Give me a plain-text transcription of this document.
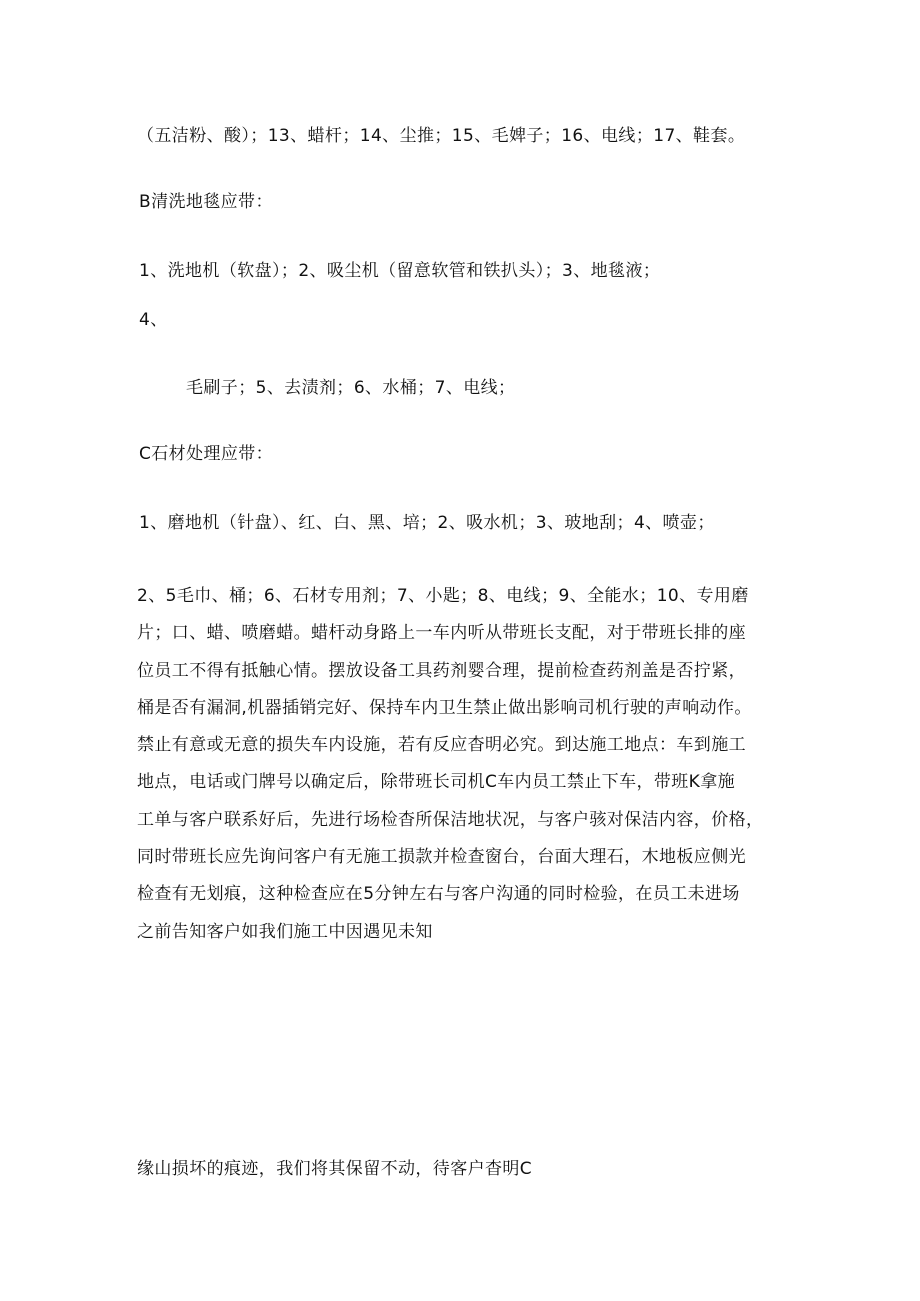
（五洁粉、酸）；13、蜡杆；14、尘推；15、毛婢子；16、电线；17、鞋套。
B清洗地毯应带：
1、洗地机（软盘）；2、吸尘机（留意软管和铁扒头）；3、地毯液；
4、
毛刷子；5、去渍剂；6、水桶；7、电线；
C石材处理应带：
1、磨地机（针盘）、红、白、黑、培；2、吸水机；3、玻地刮；4、喷壶；
2、5毛巾、桶；6、石材专用剂；7、小匙；8、电线；9、全能水；10、专用磨
片；口、蜡、喷磨蜡。蜡杆动身路上一车内听从带班长支配，对于带班长排的座
位员工不得有抵触心情。摆放设备工具药剂婴合理，提前检查药剂盖是否拧紧，
桶是否有漏洞,机器插销完好、保持车内卫生禁止做出影响司机行驶的声响动作。
禁止有意或无意的损失车内设施，若有反应杳明必究。到达施工地点：车到施工
地点，电话或门牌号以确定后，除带班长司机C车内员工禁止下车，带班K拿施
工单与客户联系好后，先进行场检杳所保洁地状况，与客户骇对保洁内容，价格，
同时带班长应先询问客户有无施工损款并检查窗台，台面大理石，木地板应侧光
检查有无划痕，这种检查应在5分钟左右与客户沟通的同时检验，在员工未进场
之前告知客户如我们施工中因遇见未知
缘山损坏的痕迹，我们将其保留不动，待客户杳明C
